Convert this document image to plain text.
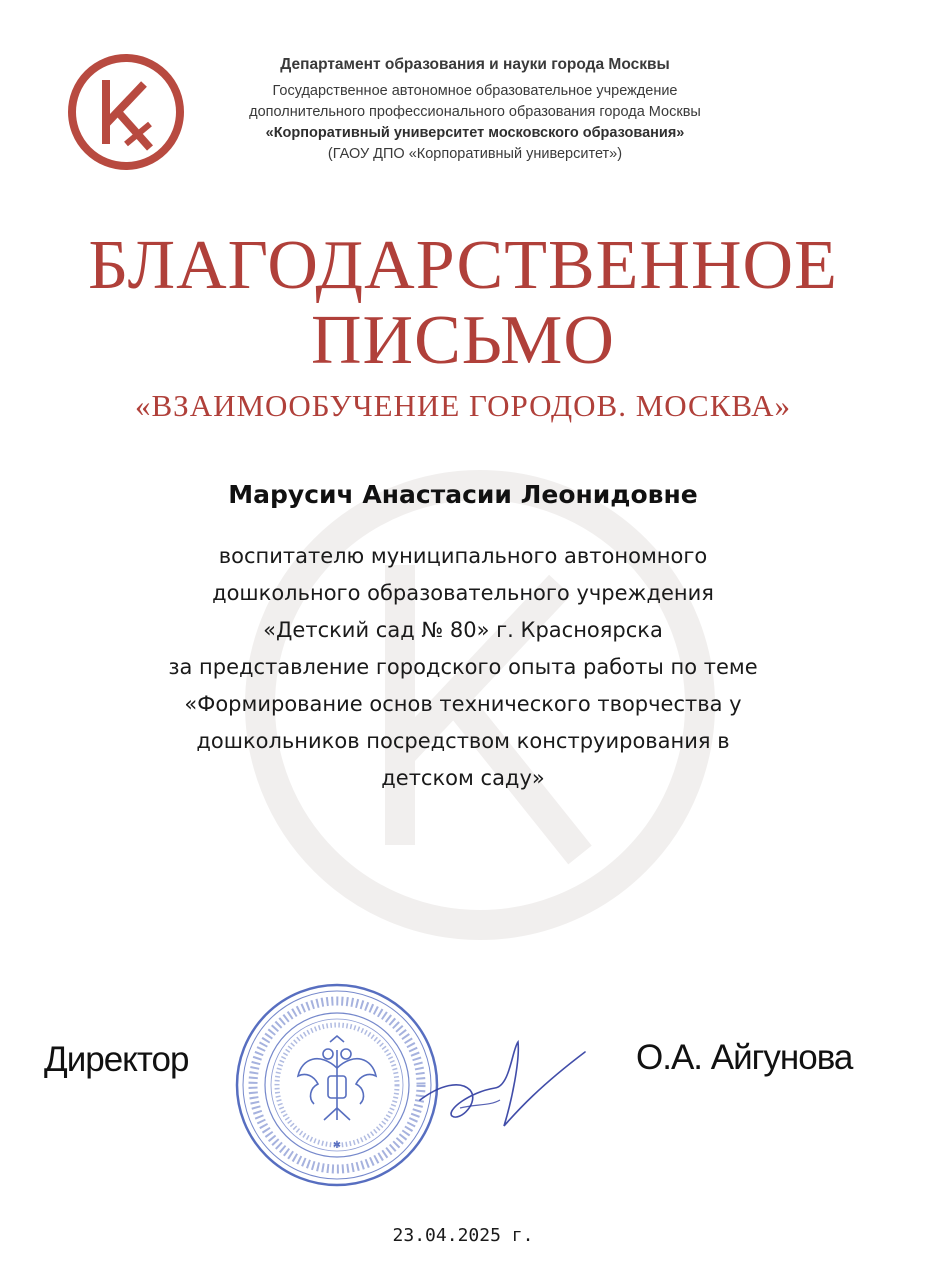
Департамент образования и науки города Москвы
Государственное автономное образовательное учреждение
дополнительного профессионального образования города Москвы
«Корпоративный университет московского образования»
(ГАОУ ДПО «Корпоративный университет»)
БЛАГОДАРСТВЕННОЕ
ПИСЬМО
«ВЗАИМООБУЧЕНИЕ ГОРОДОВ. МОСКВА»
Марусич Анастасии Леонидовне
воспитателю муниципального автономного
дошкольного образовательного учреждения
«Детский сад № 80» г. Красноярска
за представление городского опыта работы по теме
«Формирование основ технического творчества у
дошкольников посредством конструирования в
детском саду»
Директор
✱
О.А. Айгунова
23.04.2025 г.
